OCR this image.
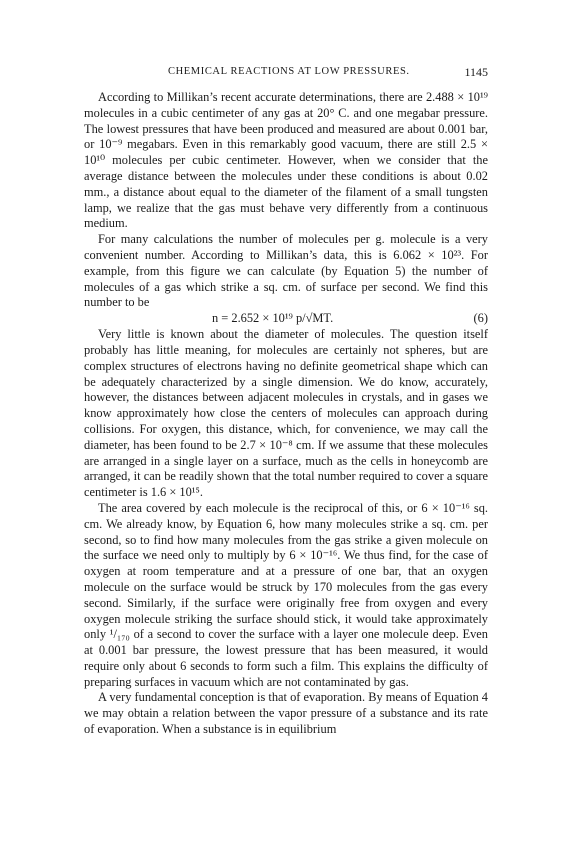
CHEMICAL REACTIONS AT LOW PRESSURES.	1145

According to Millikan’s recent accurate determinations, there are 2.488 × 10¹⁹ molecules in a cubic centimeter of any gas at 20° C. and one megabar pressure. The lowest pressures that have been produced and measured are about 0.001 bar, or 10⁻⁹ megabars. Even in this remarkably good vacuum, there are still 2.5 × 10¹⁰ molecules per cubic centimeter. However, when we consider that the average distance between the molecules under these conditions is about 0.02 mm., a distance about equal to the diameter of the filament of a small tungsten lamp, we realize that the gas must behave very differently from a continuous medium.

For many calculations the number of molecules per g. molecule is a very convenient number. According to Millikan’s data, this is 6.062 × 10²³. For example, from this figure we can calculate (by Equation 5) the number of molecules of a gas which strike a sq. cm. of surface per second. We find this number to be

n = 2.652 × 10¹⁹ p/√MT.	(6)

Very little is known about the diameter of molecules. The question itself probably has little meaning, for molecules are certainly not spheres, but are complex structures of electrons having no definite geometrical shape which can be adequately characterized by a single dimension. We do know, accurately, however, the distances between adjacent molecules in crystals, and in gases we know approximately how close the centers of molecules can approach during collisions. For oxygen, this distance, which, for convenience, we may call the diameter, has been found to be 2.7 × 10⁻⁸ cm. If we assume that these molecules are arranged in a single layer on a surface, much as the cells in honeycomb are arranged, it can be readily shown that the total number required to cover a square centimeter is 1.6 × 10¹⁵.

The area covered by each molecule is the reciprocal of this, or 6 × 10⁻¹⁶ sq. cm. We already know, by Equation 6, how many molecules strike a sq. cm. per second, so to find how many molecules from the gas strike a given molecule on the surface we need only to multiply by 6 × 10⁻¹⁶. We thus find, for the case of oxygen at room temperature and at a pressure of one bar, that an oxygen molecule on the surface would be struck by 170 molecules from the gas every second. Similarly, if the surface were originally free from oxygen and every oxygen molecule striking the surface should stick, it would take approximately only ¹/₁₇₀ of a second to cover the surface with a layer one molecule deep. Even at 0.001 bar pressure, the lowest pressure that has been measured, it would require only about 6 seconds to form such a film. This explains the difficulty of preparing surfaces in vacuum which are not contaminated by gas.

A very fundamental conception is that of evaporation. By means of Equation 4 we may obtain a relation between the vapor pressure of a substance and its rate of evaporation. When a substance is in equilibrium
